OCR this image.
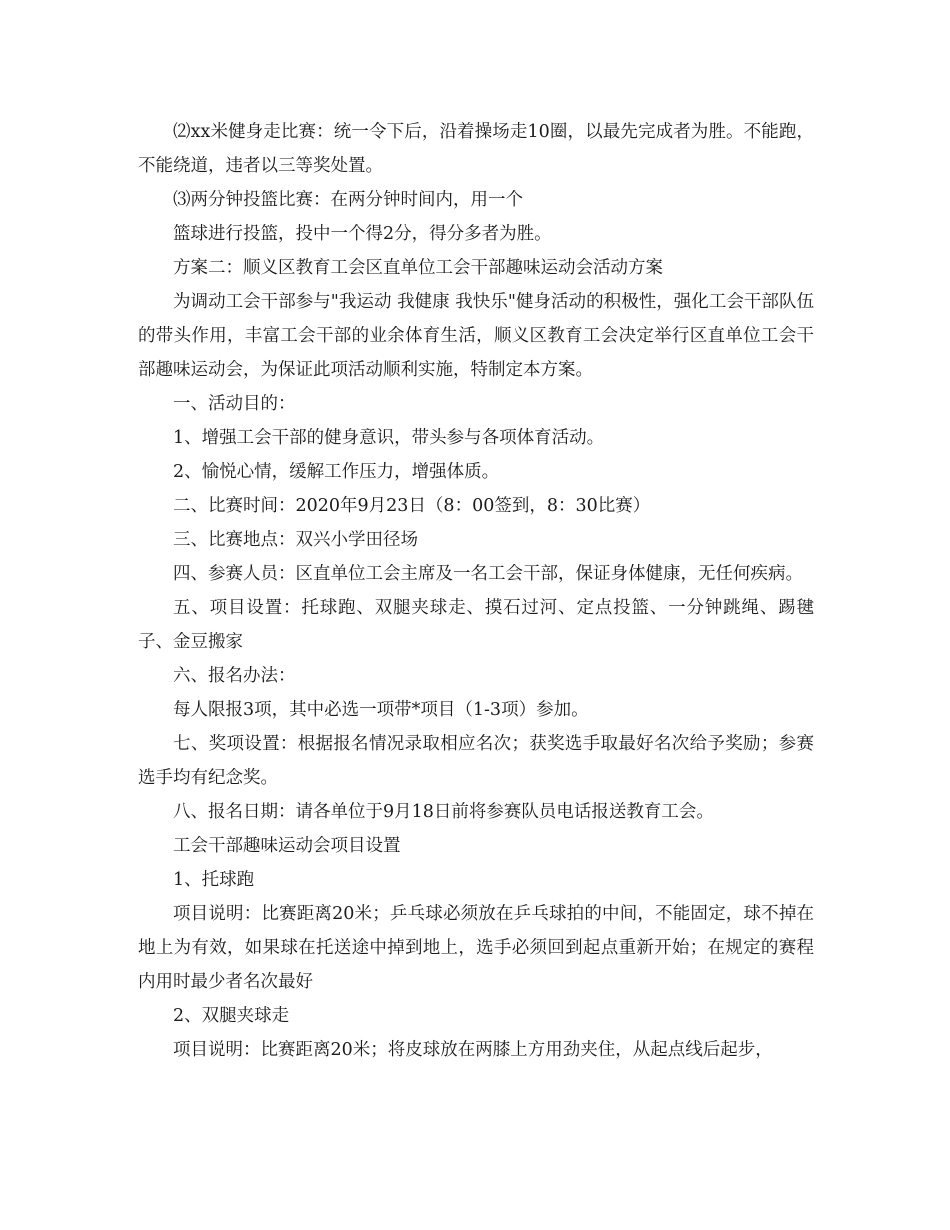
⑵xx米健身走比赛：统一令下后，沿着操场走10圈，以最先完成者为胜。不能跑，不能绕道，违者以三等奖处置。

⑶两分钟投篮比赛：在两分钟时间内，用一个

篮球进行投篮，投中一个得2分，得分多者为胜。

方案二：顺义区教育工会区直单位工会干部趣味运动会活动方案

为调动工会干部参与"我运动 我健康 我快乐"健身活动的积极性，强化工会干部队伍的带头作用，丰富工会干部的业余体育生活，顺义区教育工会决定举行区直单位工会干部趣味运动会，为保证此项活动顺利实施，特制定本方案。

一、活动目的：

1、增强工会干部的健身意识，带头参与各项体育活动。

2、愉悦心情，缓解工作压力，增强体质。

二、比赛时间：2020年9月23日（8：00签到，8：30比赛）

三、比赛地点：双兴小学田径场

四、参赛人员：区直单位工会主席及一名工会干部，保证身体健康，无任何疾病。

五、项目设置：托球跑、双腿夹球走、摸石过河、定点投篮、一分钟跳绳、踢毽子、金豆搬家

六、报名办法：

每人限报3项，其中必选一项带*项目（1-3项）参加。

七、奖项设置：根据报名情况录取相应名次；获奖选手取最好名次给予奖励；参赛选手均有纪念奖。

八、报名日期：请各单位于9月18日前将参赛队员电话报送教育工会。

工会干部趣味运动会项目设置

1、托球跑

项目说明：比赛距离20米；乒乓球必须放在乒乓球拍的中间，不能固定，球不掉在地上为有效，如果球在托送途中掉到地上，选手必须回到起点重新开始；在规定的赛程内用时最少者名次最好

2、双腿夹球走

项目说明：比赛距离20米；将皮球放在两膝上方用劲夹住，从起点线后起步，
